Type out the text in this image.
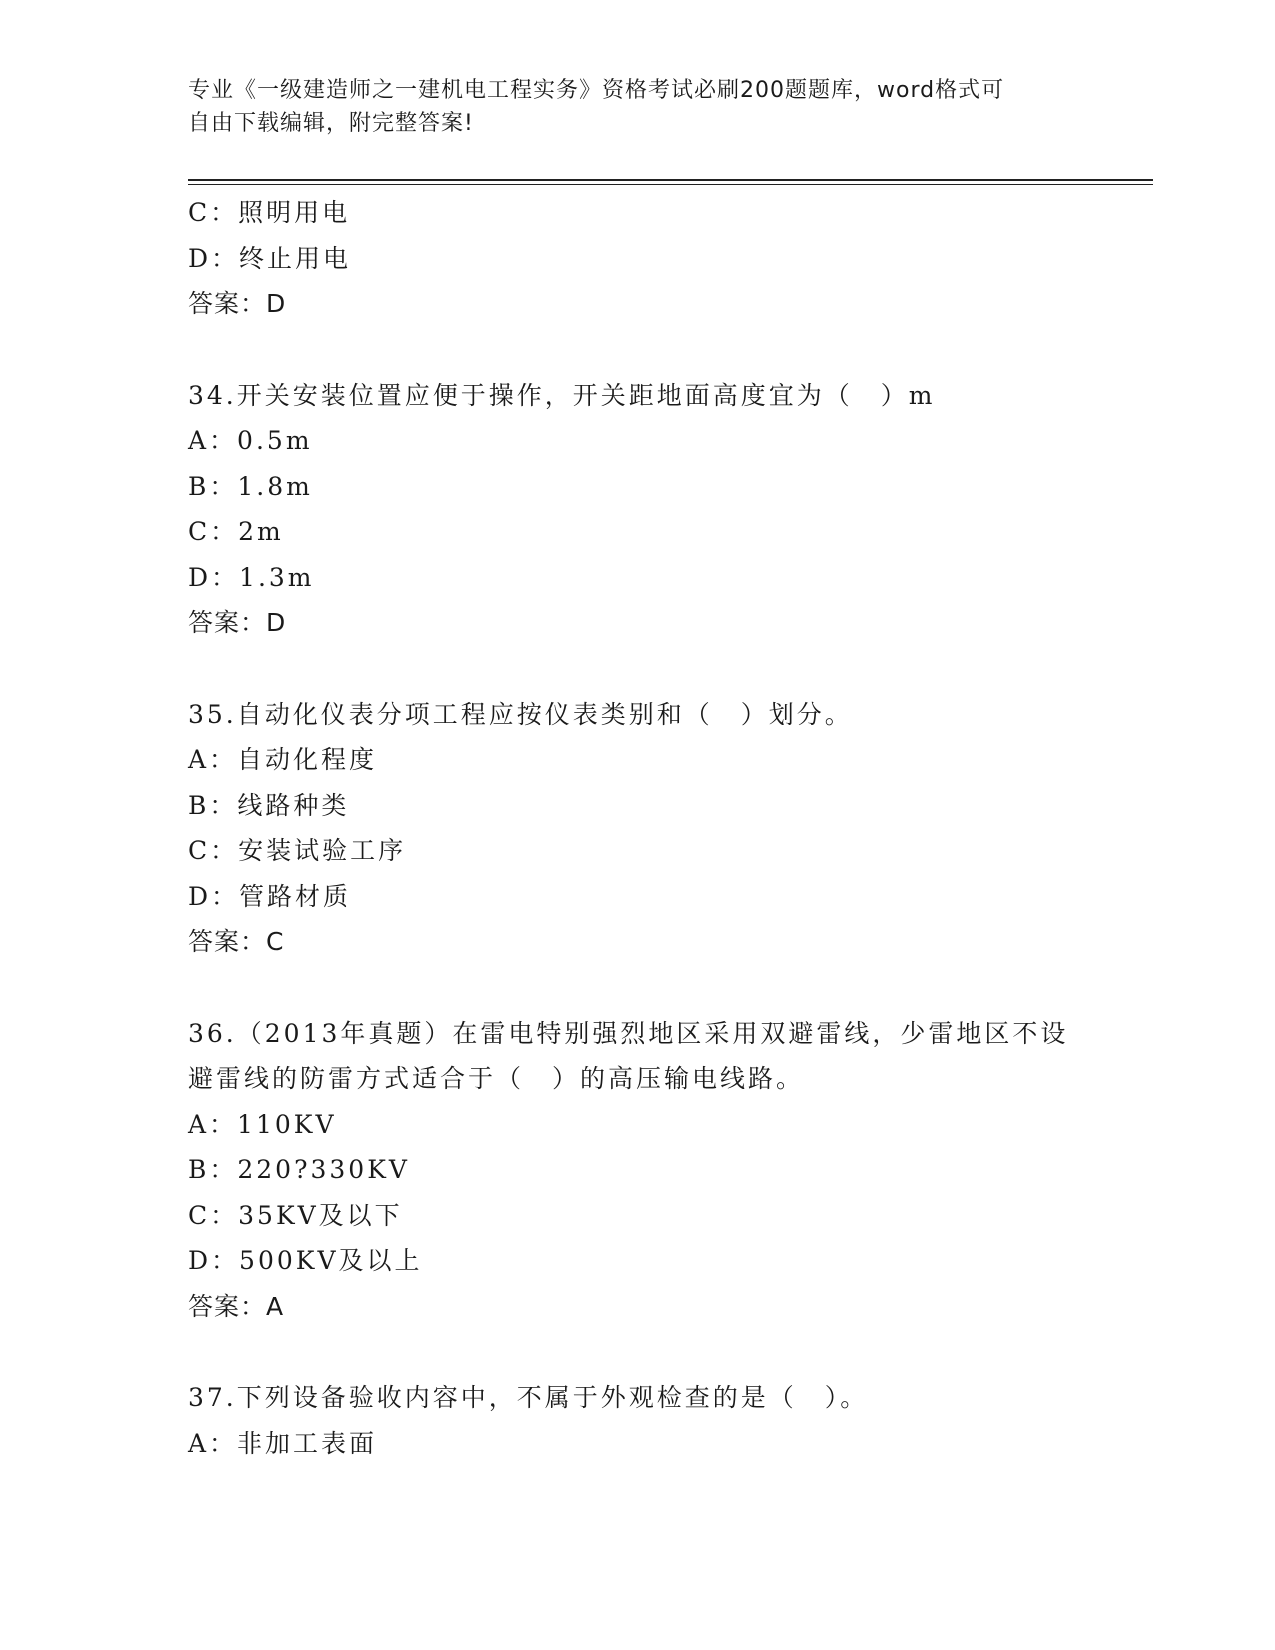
专业《一级建造师之一建机电工程实务》资格考试必刷200题题库，word格式可
自由下载编辑，附完整答案!
C：照明用电
D：终止用电
答案：D
34.开关安装位置应便于操作，开关距地面高度宜为（　）m
A：0.5m
B：1.8m
C：2m
D：1.3m
答案：D
35.自动化仪表分项工程应按仪表类别和（　）划分。
A：自动化程度
B：线路种类
C：安装试验工序
D：管路材质
答案：C
36.（2013年真题）在雷电特别强烈地区采用双避雷线，少雷地区不设
避雷线的防雷方式适合于（　）的高压输电线路。
A：110KV
B：220?330KV
C：35KV及以下
D：500KV及以上
答案：A
37.下列设备验收内容中，不属于外观检查的是（　）。
A：非加工表面
